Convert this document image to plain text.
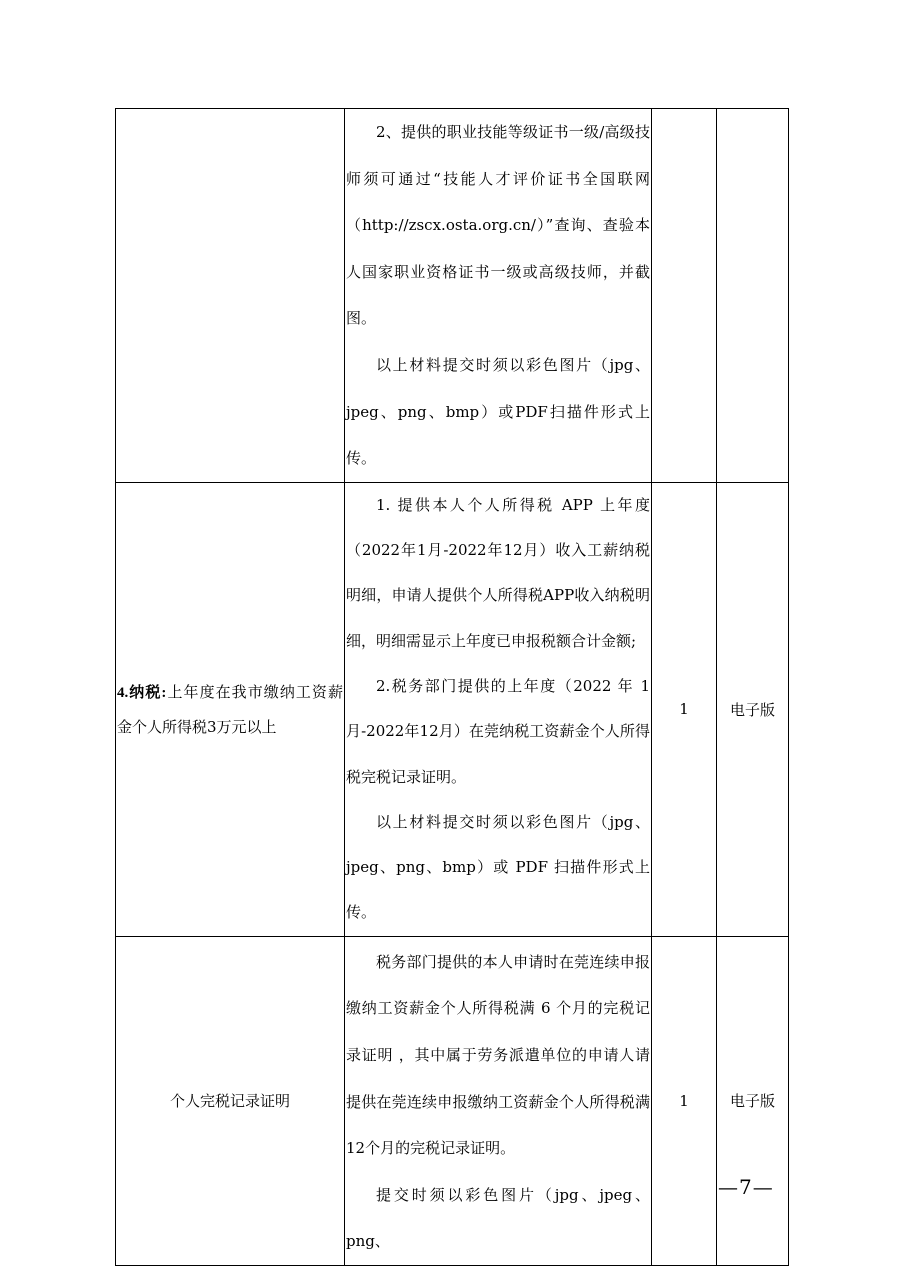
	2、提供的职业技能等级证书一级/高级技师须可通过“技能人才评价证书全国联网（http://zscx.osta.org.cn/）”查询、查验本人国家职业资格证书一级或高级技师，并截图。

以上材料提交时须以彩色图片（jpg、jpeg、png、bmp）或PDF扫描件形式上传。		

4.纳税:上年度在我市缴纳工资薪金个人所得税3万元以上	1. 提供本人个人所得税 APP 上年度（2022年1月-2022年12月）收入工薪纳税明细，申请人提供个人所得税APP收入纳税明细，明细需显示上年度已申报税额合计金额;

2.税务部门提供的上年度（2022 年 1月-2022年12月）在莞纳税工资薪金个人所得税完税记录证明。

以上材料提交时须以彩色图片（jpg、jpeg、png、bmp）或 PDF 扫描件形式上传。	1	电子版
个人完税记录证明	税务部门提供的本人申请时在莞连续申报缴纳工资薪金个人所得税满 6 个月的完税记录证明 ，其中属于劳务派遣单位的申请人请提供在莞连续申报缴纳工资薪金个人所得税满12个月的完税记录证明。

提交时须以彩色图片（jpg、jpeg、png、	1	电子版
—7—
